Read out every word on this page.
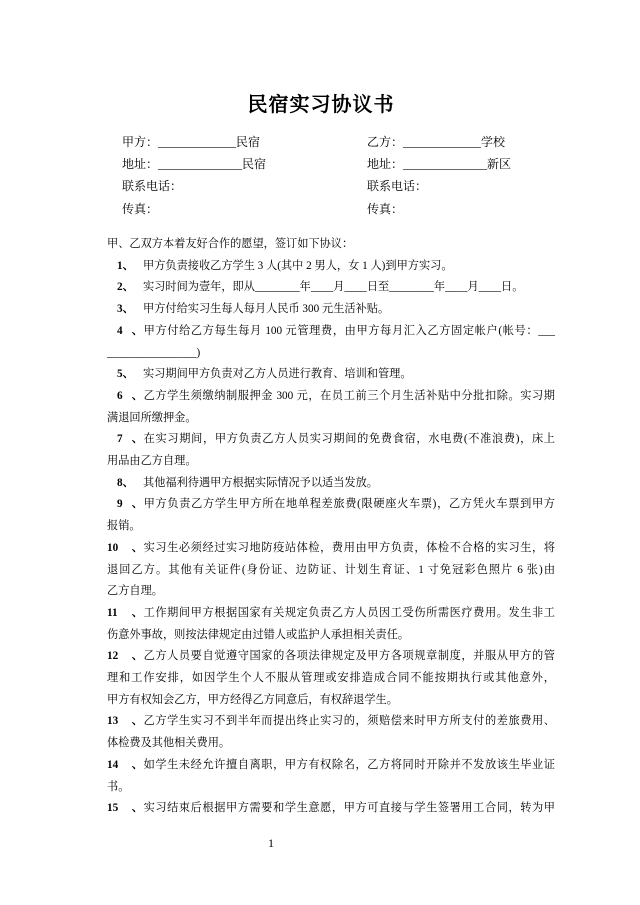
民宿实习协议书
甲方：_____________民宿	乙方：_____________学校
地址：______________民宿	地址：______________新区
联系电话：	联系电话：
传真：	传真：
甲、乙双方本着友好合作的愿望，签订如下协议：
1、 甲方负责接收乙方学生 3 人(其中 2 男人，女 1 人)到甲方实习。
2、 实习时间为壹年，即从________年____月____日至________年____月____日。
3、 甲方付给实习生每人每月人民币 300 元生活补贴。
4、甲方付给乙方每生每月 100 元管理费，由甲方每月汇入乙方固定帐户(帐号：___
________________)
5、 实习期间甲方负责对乙方人员进行教育、培训和管理。
6、乙方学生须缴纳制服押金 300 元，在员工前三个月生活补贴中分批扣除。实习期
满退回所缴押金。
7、在实习期间，甲方负责乙方人员实习期间的免费食宿，水电费(不准浪费)，床上
用品由乙方自理。
8、 其他福利待遇甲方根据实际情况予以适当发放。
9、甲方负责乙方学生甲方所在地单程差旅费(限硬座火车票)，乙方凭火车票到甲方
报销。
10、实习生必须经过实习地防疫站体检，费用由甲方负责，体检不合格的实习生，将
退回乙方。其他有关证件(身份证、边防证、计划生育证、1 寸免冠彩色照片 6 张)由
乙方自理。
11、工作期间甲方根据国家有关规定负责乙方人员因工受伤所需医疗费用。发生非工
伤意外事故，则按法律规定由过错人或监护人承担相关责任。
12、乙方人员要自觉遵守国家的各项法律规定及甲方各项规章制度，并服从甲方的管
理和工作安排，如因学生个人不服从管理或安排造成合同不能按期执行或其他意外，
甲方有权知会乙方，甲方经得乙方同意后，有权辞退学生。
13、乙方学生实习不到半年而提出终止实习的，须赔偿来时甲方所支付的差旅费用、
体检费及其他相关费用。
14、如学生未经允许擅自离职，甲方有权除名，乙方将同时开除并不发放该生毕业证
书。
15、实习结束后根据甲方需要和学生意愿，甲方可直接与学生签署用工合同，转为甲
1
